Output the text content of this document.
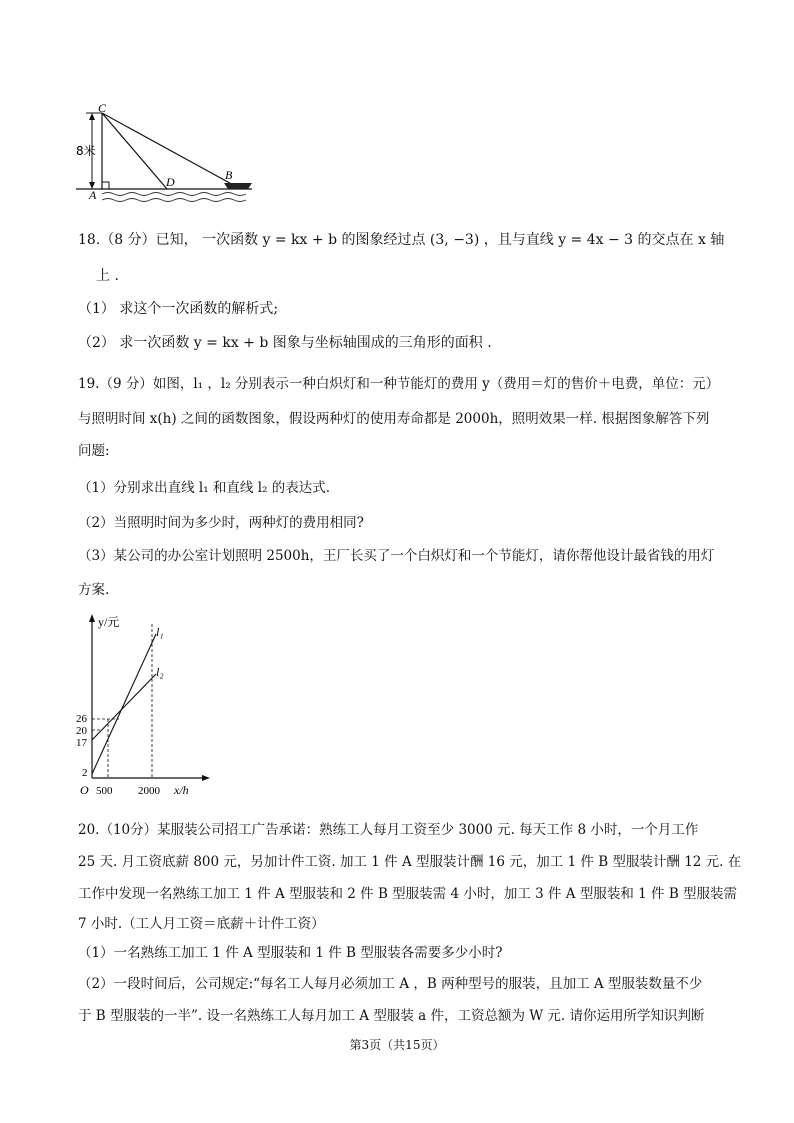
C
A
D	B
8米
18.（8 分）已知， 一次函数 y = kx + b 的图象经过点 (3, −3) ，且与直线 y = 4x − 3 的交点在 x 轴
上 .
（1） 求这个一次函数的解析式;
（2） 求一次函数 y = kx + b 图象与坐标轴围成的三角形的面积 .
19.（9 分）如图，l₁ ，l₂ 分别表示一种白炽灯和一种节能灯的费用 y（费用＝灯的售价＋电费，单位：元）
与照明时间 x(h) 之间的函数图象，假设两种灯的使用寿命都是 2000h，照明效果一样. 根据图象解答下列
问题:
（1）分别求出直线 l₁ 和直线 l₂ 的表达式.
（2）当照明时间为多少时，两种灯的费用相同?
（3）某公司的办公室计划照明 2500h，王厂长买了一个白炽灯和一个节能灯，请你帮他设计最省钱的用灯
方案.
y/元
l₁
l₂
26
20
17
2
O 500 2000 x/h
20.（10分）某服装公司招工广告承诺：熟练工人每月工资至少 3000 元. 每天工作 8 小时，一个月工作
25 天. 月工资底薪 800 元，另加计件工资. 加工 1 件 A 型服装计酬 16 元，加工 1 件 B 型服装计酬 12 元. 在
工作中发现一名熟练工加工 1 件 A 型服装和 2 件 B 型服装需 4 小时，加工 3 件 A 型服装和 1 件 B 型服装需
7 小时.（工人月工资＝底薪＋计件工资）
（1）一名熟练工加工 1 件 A 型服装和 1 件 B 型服装各需要多少小时?
（2）一段时间后，公司规定:“每名工人每月必须加工 A ，B 两种型号的服装，且加工 A 型服装数量不少
于 B 型服装的一半”. 设一名熟练工人每月加工 A 型服装 a 件，工资总额为 W 元. 请你运用所学知识判断
第3页（共15页）
